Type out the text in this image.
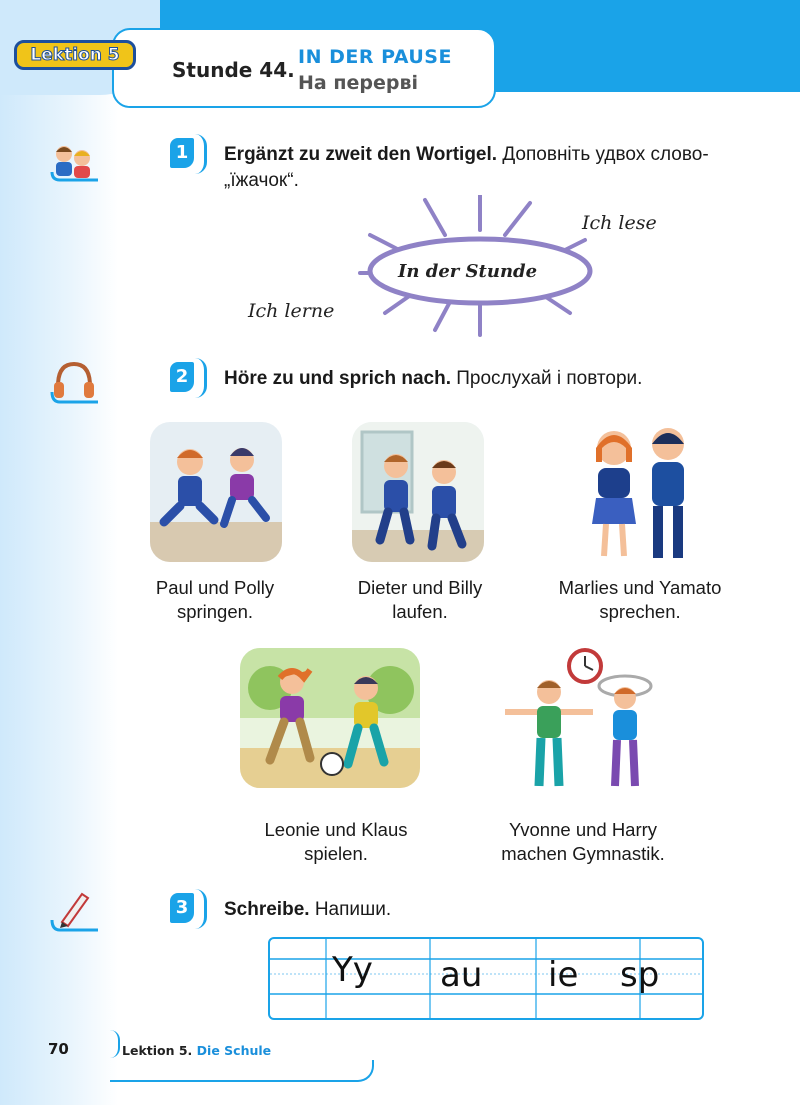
Lektion 5
Stunde 44.
IN DER PAUSE
На перерві
1	Ergänzt zu zweit den Wortigel. Доповніть удвох слово-„їжачок“.
In der Stunde
Ich lese
Ich lerne
2	Höre zu und sprich nach. Прослухай і повтори.
Paul und Polly
springen.
Dieter und Billy
laufen.
Marlies und Yamato
sprechen.
Leonie und Klaus
spielen.
Yvonne und Harry
machen Gymnastik.
3	Schreibe. Напиши.
Yy au ie sp
70	Lektion 5. Die Schule
